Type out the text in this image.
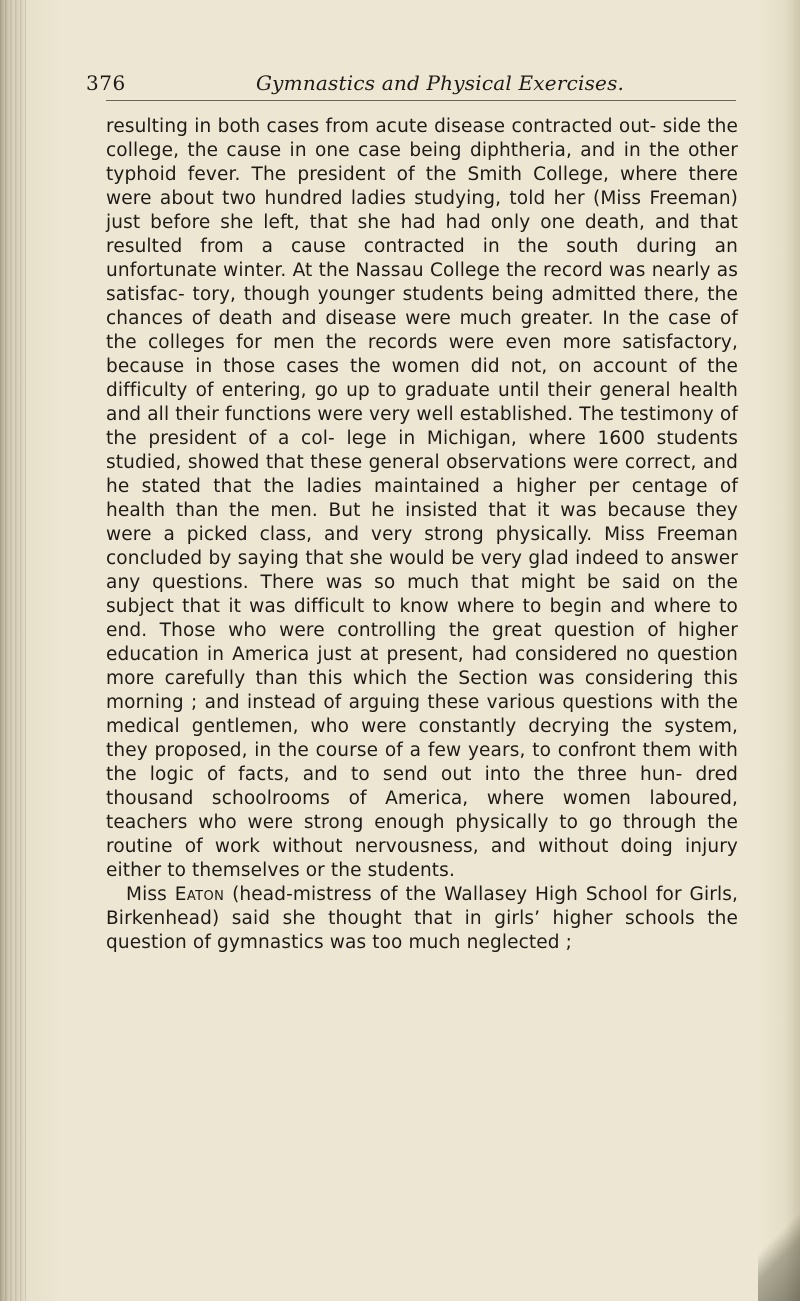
376	Gymnastics and Physical Exercises.

resulting in both cases from acute disease contracted out- side the college, the cause in one case being diphtheria, and in the other typhoid fever. The president of the Smith College, where there were about two hundred ladies studying, told her (Miss Freeman) just before she left, that she had had only one death, and that resulted from a cause contracted in the south during an unfortunate winter. At the Nassau College the record was nearly as satisfac- tory, though younger students being admitted there, the chances of death and disease were much greater. In the case of the colleges for men the records were even more satisfactory, because in those cases the women did not, on account of the difficulty of entering, go up to graduate until their general health and all their functions were very well established. The testimony of the president of a col- lege in Michigan, where 1600 students studied, showed that these general observations were correct, and he stated that the ladies maintained a higher per centage of health than the men. But he insisted that it was because they were a picked class, and very strong physically. Miss Freeman concluded by saying that she would be very glad indeed to answer any questions. There was so much that might be said on the subject that it was difficult to know where to begin and where to end. Those who were controlling the great question of higher education in America just at present, had considered no question more carefully than this which the Section was considering this morning ; and instead of arguing these various questions with the medical gentlemen, who were constantly decrying the system, they proposed, in the course of a few years, to confront them with the logic of facts, and to send out into the three hun- dred thousand schoolrooms of America, where women laboured, teachers who were strong enough physically to go through the routine of work without nervousness, and without doing injury either to themselves or the students.

Miss Eaton (head-mistress of the Wallasey High School for Girls, Birkenhead) said she thought that in girls’ higher schools the question of gymnastics was too much neglected ;
